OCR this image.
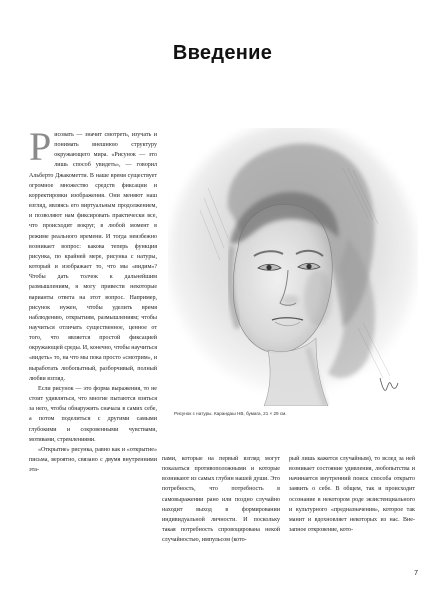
Введение

Рисовать — значит смотреть, изучать и понимать внешнюю структуру окружающего мира. «Рисунок — это лишь способ увидеть», — говорил Альберто Джакометти. В наше время существует огромное множество средств фиксации и корректировки изображения. Они меняют наш взгляд, являясь его виртуальным продолжением, и позволяют нам фиксировать практически все, что происходит вокруг, в любой момент в режиме реального времени. И тогда неизбежно возникает вопрос: какова теперь функция рисунка, по крайней мере, рисунка с натуры, который и изображает то, что мы «видим»? Чтобы дать толчок к дальнейшим размышлениям, я могу привести некоторые варианты ответа на этот вопрос. Например, рисунок нужен, чтобы уделить время наблюдению, открытиям, размышлениям; чтобы научиться отличать существенное, ценное от того, что является простой фиксацией окружающей среды. И, конечно, чтобы научиться «видеть» то, на что мы пока просто «смотрим», и выработать любопытный, разборчивый, полный любви взгляд.

Если рисунок — это форма выражения, то не стоит удивляться, что многие пытаются взяться за него, чтобы обнаружить сначала в самих себе, а потом поделиться с другими самыми глубокими и сокровенными чувствами, мотивами, стремлениями.

«Открытие» рисунка, равно как и «открытие» письма, вероятно, связано с двумя внутренними эта-

Рисунок с натуры. Карандаш HB, бумага, 21 × 29 см.

пами, которые на первый взгляд могут показаться противоположными и которые возникают из самых глубин нашей души. Это потребность, что потребность в самовыражении рано или поздно случайно находит выход в формировании индивидуальной личности. И поскольку такая потребность спровоцирована некой случайностью, импульсом (кото-

рый лишь кажется случайным), то вслед за ней возникает состояние удивления, любопытства и начинается внутренний поиск способа открыто заявить о себе. В общем, так и происходит осознание в некотором роде экзистенциального и культурного «предназначения», которое так манит и вдохновляет некоторых из нас. Внезапное откровение, кото-

7
